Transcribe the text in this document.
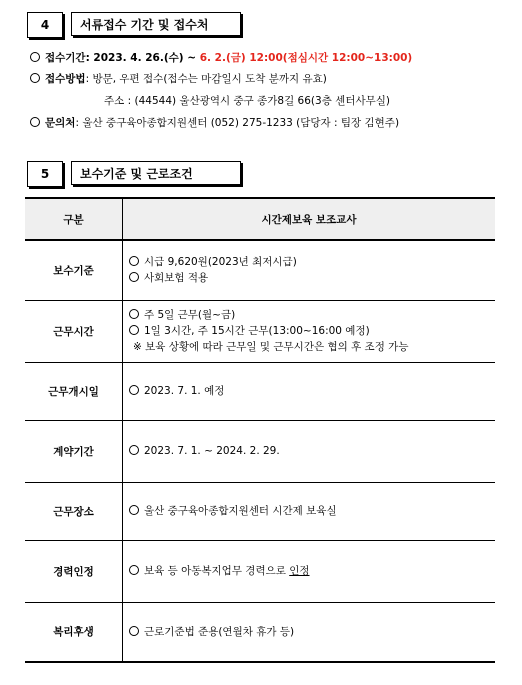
4	서류접수 기간 및 접수처
접수기간: 2023. 4. 26.(수) ~ 6. 2.(금) 12:00(점심시간 12:00~13:00)
접수방법: 방문, 우편 접수(접수는 마감일시 도착 분까지 유효)
주소 : (44544) 울산광역시 중구 종가8길 66(3층 센터사무실)
문의처: 울산 중구육아종합지원센터 (052) 275-1233 (담당자 : 팀장 김현주)
5	보수기준 및 근로조건
구분	시간제보육 보조교사
보수기준	시급 9,620원(2023년 최저시급)
사회보험 적용

근무시간	주 5일 근무(월~금)
1일 3시간, 주 15시간 근무(13:00~16:00 예정)
※ 보육 상황에 따라 근무일 및 근무시간은 협의 후 조정 가능

근무개시일	2023. 7. 1. 예정

계약기간	2023. 7. 1. ~ 2024. 2. 29.

근무장소	울산 중구육아종합지원센터 시간제 보육실

경력인정	보육 등 아동복지업무 경력으로 인정

복리후생	근로기준법 준용(연월차 휴가 등)
